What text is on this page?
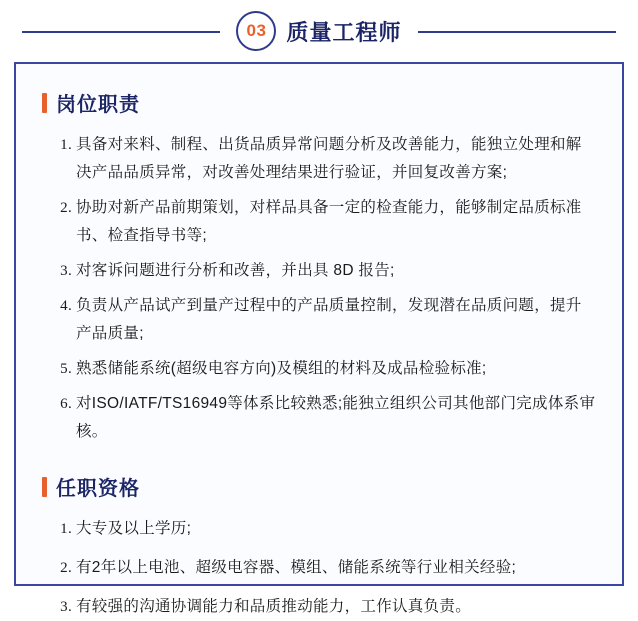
03 质量工程师
岗位职责
具备对来料、制程、出货品质异常问题分析及改善能力，能独立处理和解决产品品质异常，对改善处理结果进行验证，并回复改善方案;
协助对新产品前期策划，对样品具备一定的检查能力，能够制定品质标准书、检查指导书等;
对客诉问题进行分析和改善，并出具 8D 报告;
负责从产品试产到量产过程中的产品质量控制，发现潜在品质问题，提升产品质量;
熟悉储能系统(超级电容方向)及模组的材料及成品检验标准;
对ISO/IATF/TS16949等体系比较熟悉;能独立组织公司其他部门完成体系审核。
任职资格
大专及以上学历;
有2年以上电池、超级电容器、模组、储能系统等行业相关经验;
有较强的沟通协调能力和品质推动能力，工作认真负责。
